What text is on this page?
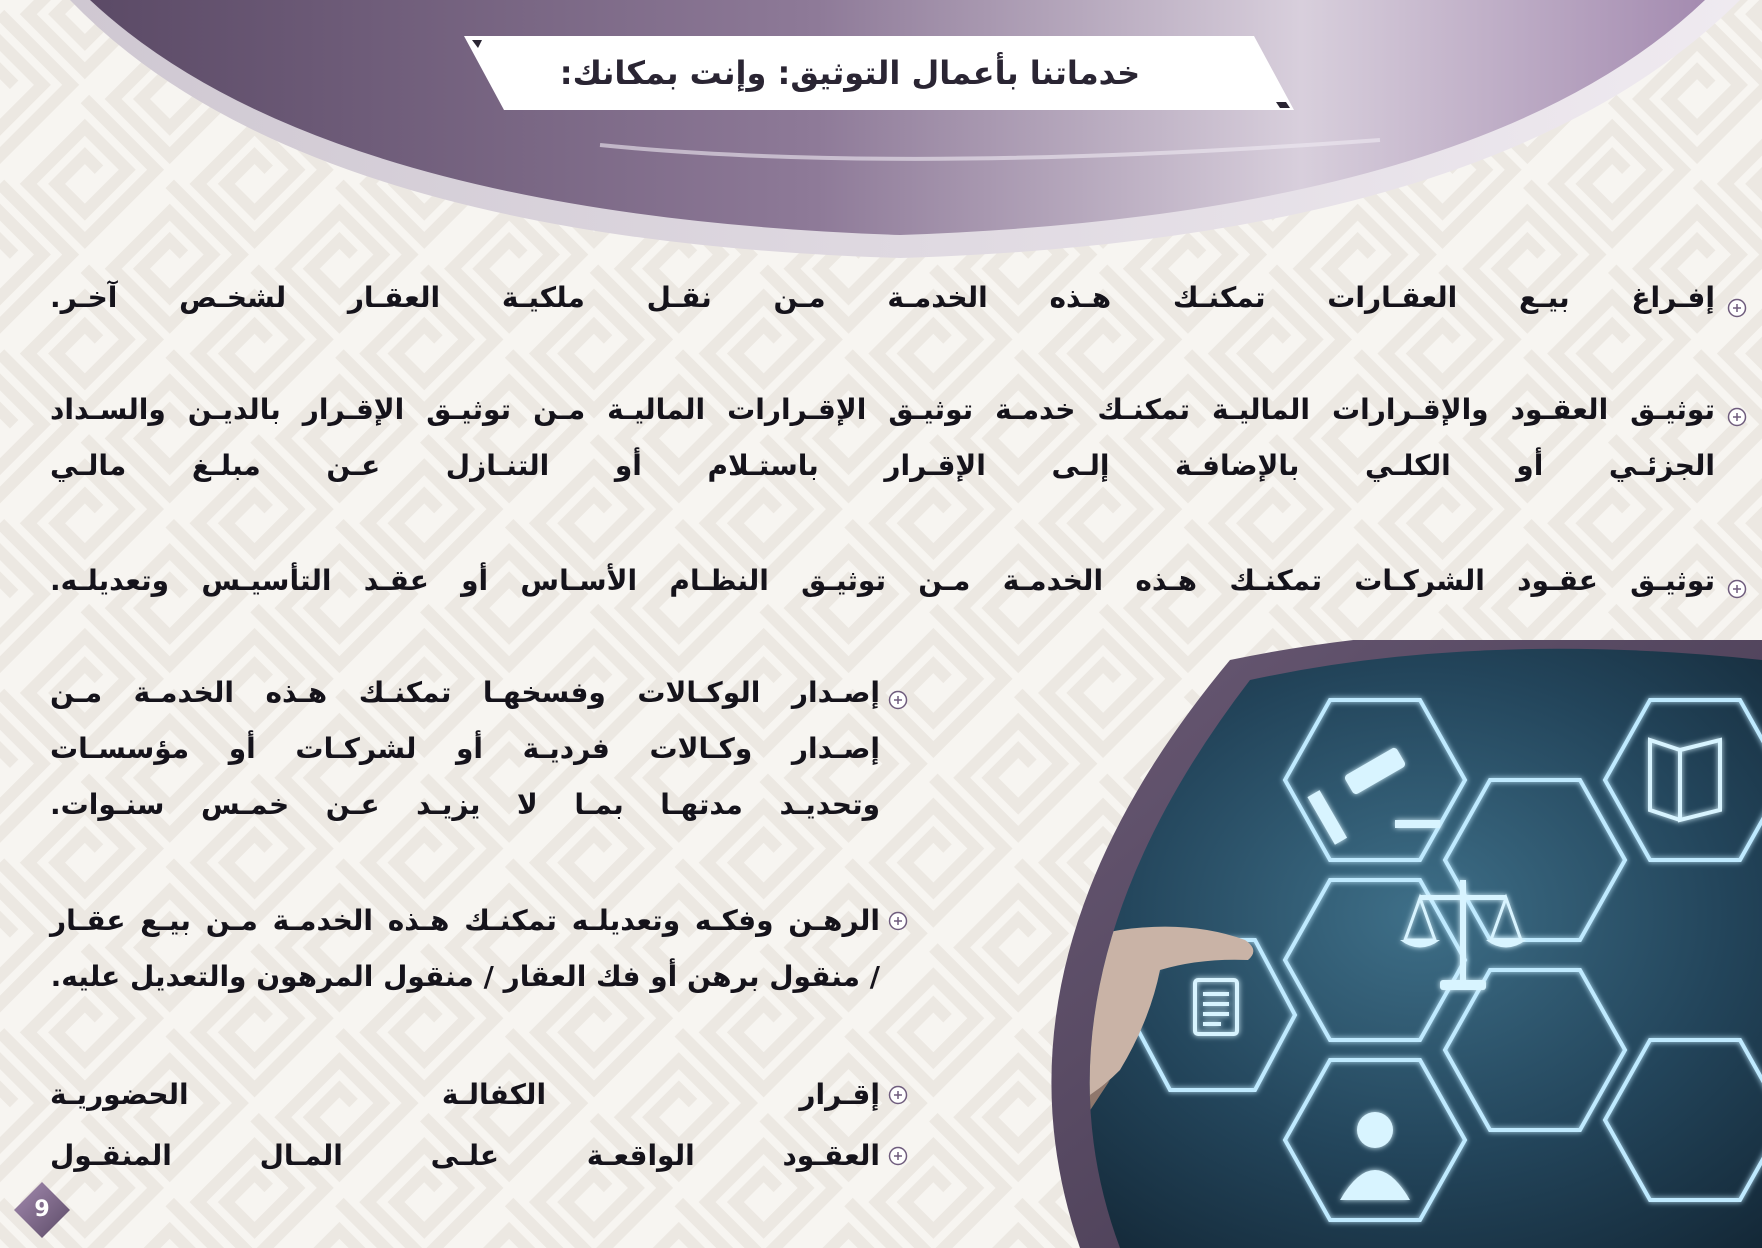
خدماتنا بأعمال التوثيق: وإنت بمكانك:
إفـراغ بيـع العقـارات تمكنـك هـذه الخدمـة مـن نقـل ملكيـة العقـار لشخـص آخـر.
توثيـق العقـود والإقـرارات الماليـة تمكنـك خدمـة توثيـق الإقـرارات الماليـة مـن توثيـق الإقـرار بالديـن والسـداد
الجزئـي أو الكلـي بالإضافـة إلـى الإقـرار باستـلام أو التنـازل عـن مبلـغ مالـي
توثيـق عقـود الشركـات تمكنـك هـذه الخدمـة مـن توثيـق النظـام الأسـاس أو عقـد التأسيـس وتعديلـه.
إصـدار الوكـالات وفسخهـا تمكنـك هـذه الخدمـة مـن
إصـدار وكـالات فرديـة أو لشركـات أو مؤسسـات
وتحديـد مدتهـا بمـا لا يزيـد عـن خمـس سنـوات.
الرهـن وفكـه وتعديلـه تمكنـك هـذه الخدمـة مـن بيـع عقـار
/ منقول برهن أو فك العقار / منقول المرهون والتعديل عليه.
إقـرار الكفالـة الحضوريـة
العقـود الواقعـة علـى المـال المنقـول
9
